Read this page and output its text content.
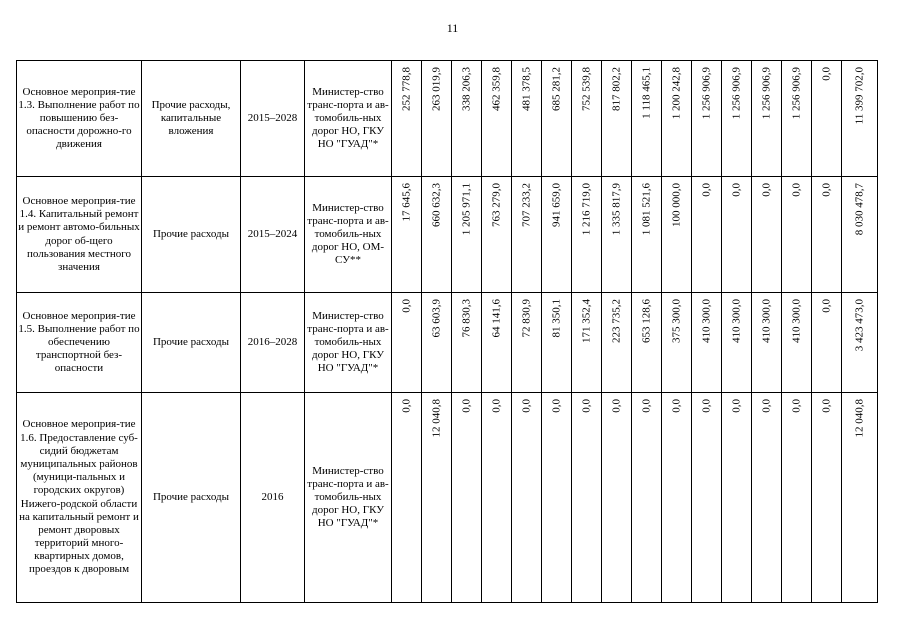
11
Основное мероприя-тие 1.3. Выполнение работ по повышению без-опасности дорожно-го движения	Прочие расходы, капитальные вложения	2015–2028	Министер-ство транс-порта и ав-томобиль-ных дорог НО, ГКУ НО "ГУАД"*	252 778,8	263 019,9	338 206,3	462 359,8	481 378,5	685 281,2	752 539,8	817 802,2	1 118 465,1	1 200 242,8	1 256 906,9	1 256 906,9	1 256 906,9	1 256 906,9	0,0	11 399 702,0

Основное мероприя-тие 1.4. Капитальный ремонт и ремонт автомо-бильных дорог об-щего пользования местного значения	Прочие расходы	2015–2024	Министер-ство транс-порта и ав-томобиль-ных дорог НО, ОМ-СУ**	17 645,6	660 632,3	1 205 971,1	763 279,0	707 233,2	941 659,0	1 216 719,0	1 335 817,9	1 081 521,6	100 000,0	0,0	0,0	0,0	0,0	0,0	8 030 478,7

Основное мероприя-тие 1.5. Выполнение работ по обеспечению транспортной без-опасности	Прочие расходы	2016–2028	Министер-ство транс-порта и ав-томобиль-ных дорог НО, ГКУ НО "ГУАД"*	0,0	63 603,9	76 830,3	64 141,6	72 830,9	81 350,1	171 352,4	223 735,2	653 128,6	375 300,0	410 300,0	410 300,0	410 300,0	410 300,0	0,0	3 423 473,0

Основное мероприя-тие 1.6. Предоставление суб-сидий бюджетам муниципальных районов (муници-пальных и городских округов) Нижего-родской области на капитальный ремонт и ремонт дворовых территорий много-квартирных домов, проездов к дворовым	Прочие расходы	2016	Министер-ство транс-порта и ав-томобиль-ных дорог НО, ГКУ НО "ГУАД"*	0,0	12 040,8	0,0	0,0	0,0	0,0	0,0	0,0	0,0	0,0	0,0	0,0	0,0	0,0	0,0	12 040,8
